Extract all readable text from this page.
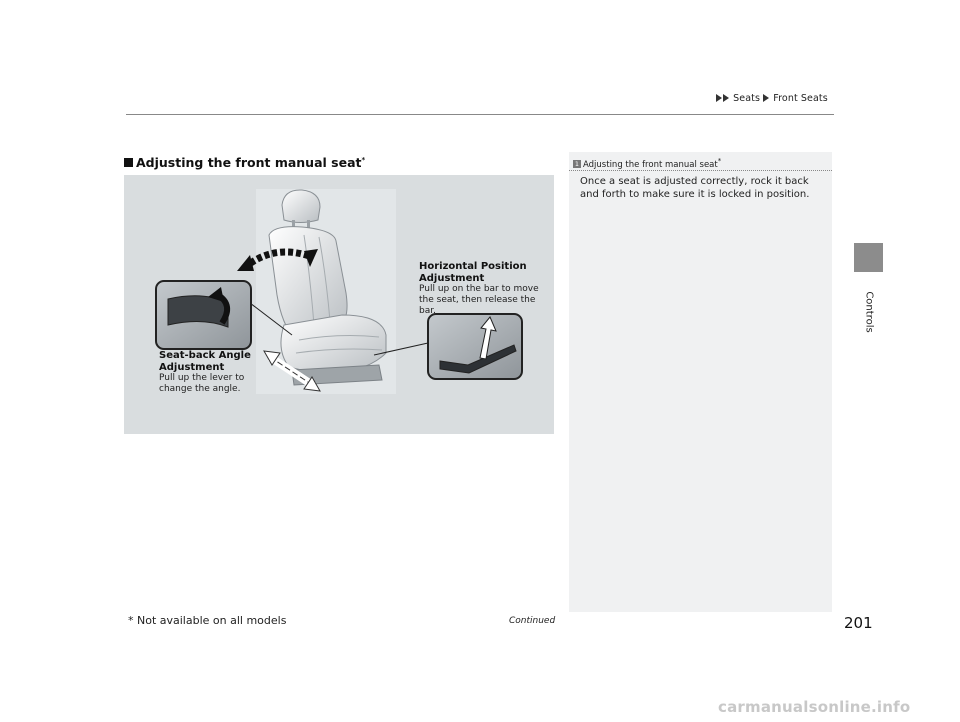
Seats Front Seats
Controls
Adjusting the front manual seat*
Horizontal Position Adjustment
Pull up on the bar to move the seat, then release the bar.
Seat-back Angle Adjustment
Pull up the lever to change the angle.
1 Adjusting the front manual seat*
Once a seat is adjusted correctly, rock it back and forth to make sure it is locked in position.
* Not available on all models	Continued	201
carmanualsonline.info
